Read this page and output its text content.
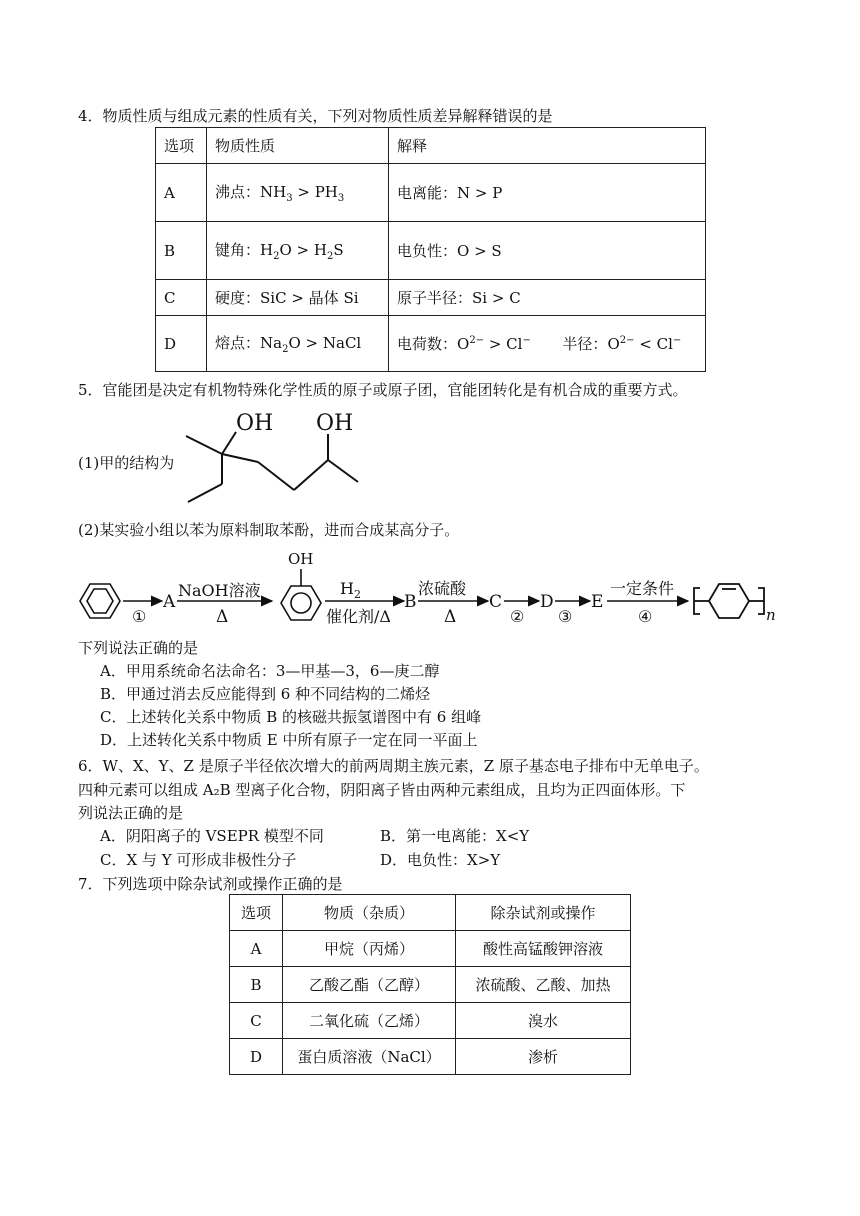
4．物质性质与组成元素的性质有关，下列对物质性质差异解释错误的是
选项	物质性质	解释
A	沸点：$NH_3 > PH_3$	电离能：N > P
B	键角：$H_2O > H_2S$	电负性：O > S
C	硬度：SiC > 晶体 Si	原子半径：Si > C
D	熔点：$Na_2O$ > NaCl	电荷数：$O^{2-} > Cl^-$ 半径：$O^{2-} < Cl^-$
5．官能团是决定有机物特殊化学性质的原子或原子团，官能团转化是有机合成的重要方式。
(1)甲的结构为
OH OH
(2)某实验小组以苯为原料制取苯酚，进而合成某高分子。
①
A
NaOH溶液
Δ
OH
$H_2$
催化剂/Δ
B
浓硫酸
Δ
C
②
D
③
E
一定条件
④	n
下列说法正确的是
A．甲用系统命名法命名：3—甲基—3，6—庚二醇
B．甲通过消去反应能得到 6 种不同结构的二烯烃
C．上述转化关系中物质 B 的核磁共振氢谱图中有 6 组峰
D．上述转化关系中物质 E 中所有原子一定在同一平面上
6．W、X、Y、Z 是原子半径依次增大的前两周期主族元素，Z 原子基态电子排布中无单电子。
四种元素可以组成 A₂B 型离子化合物，阴阳离子皆由两种元素组成，且均为正四面体形。下
列说法正确的是
A．阴阳离子的 VSEPR 模型不同	B．第一电离能：X<Y
C．X 与 Y 可形成非极性分子	D．电负性：X>Y
7．下列选项中除杂试剂或操作正确的是
选项	物质（杂质）	除杂试剂或操作
A	甲烷（丙烯）	酸性高锰酸钾溶液
B	乙酸乙酯（乙醇）	浓硫酸、乙酸、加热
C	二氧化硫（乙烯）	溴水
D	蛋白质溶液（NaCl）	渗析
